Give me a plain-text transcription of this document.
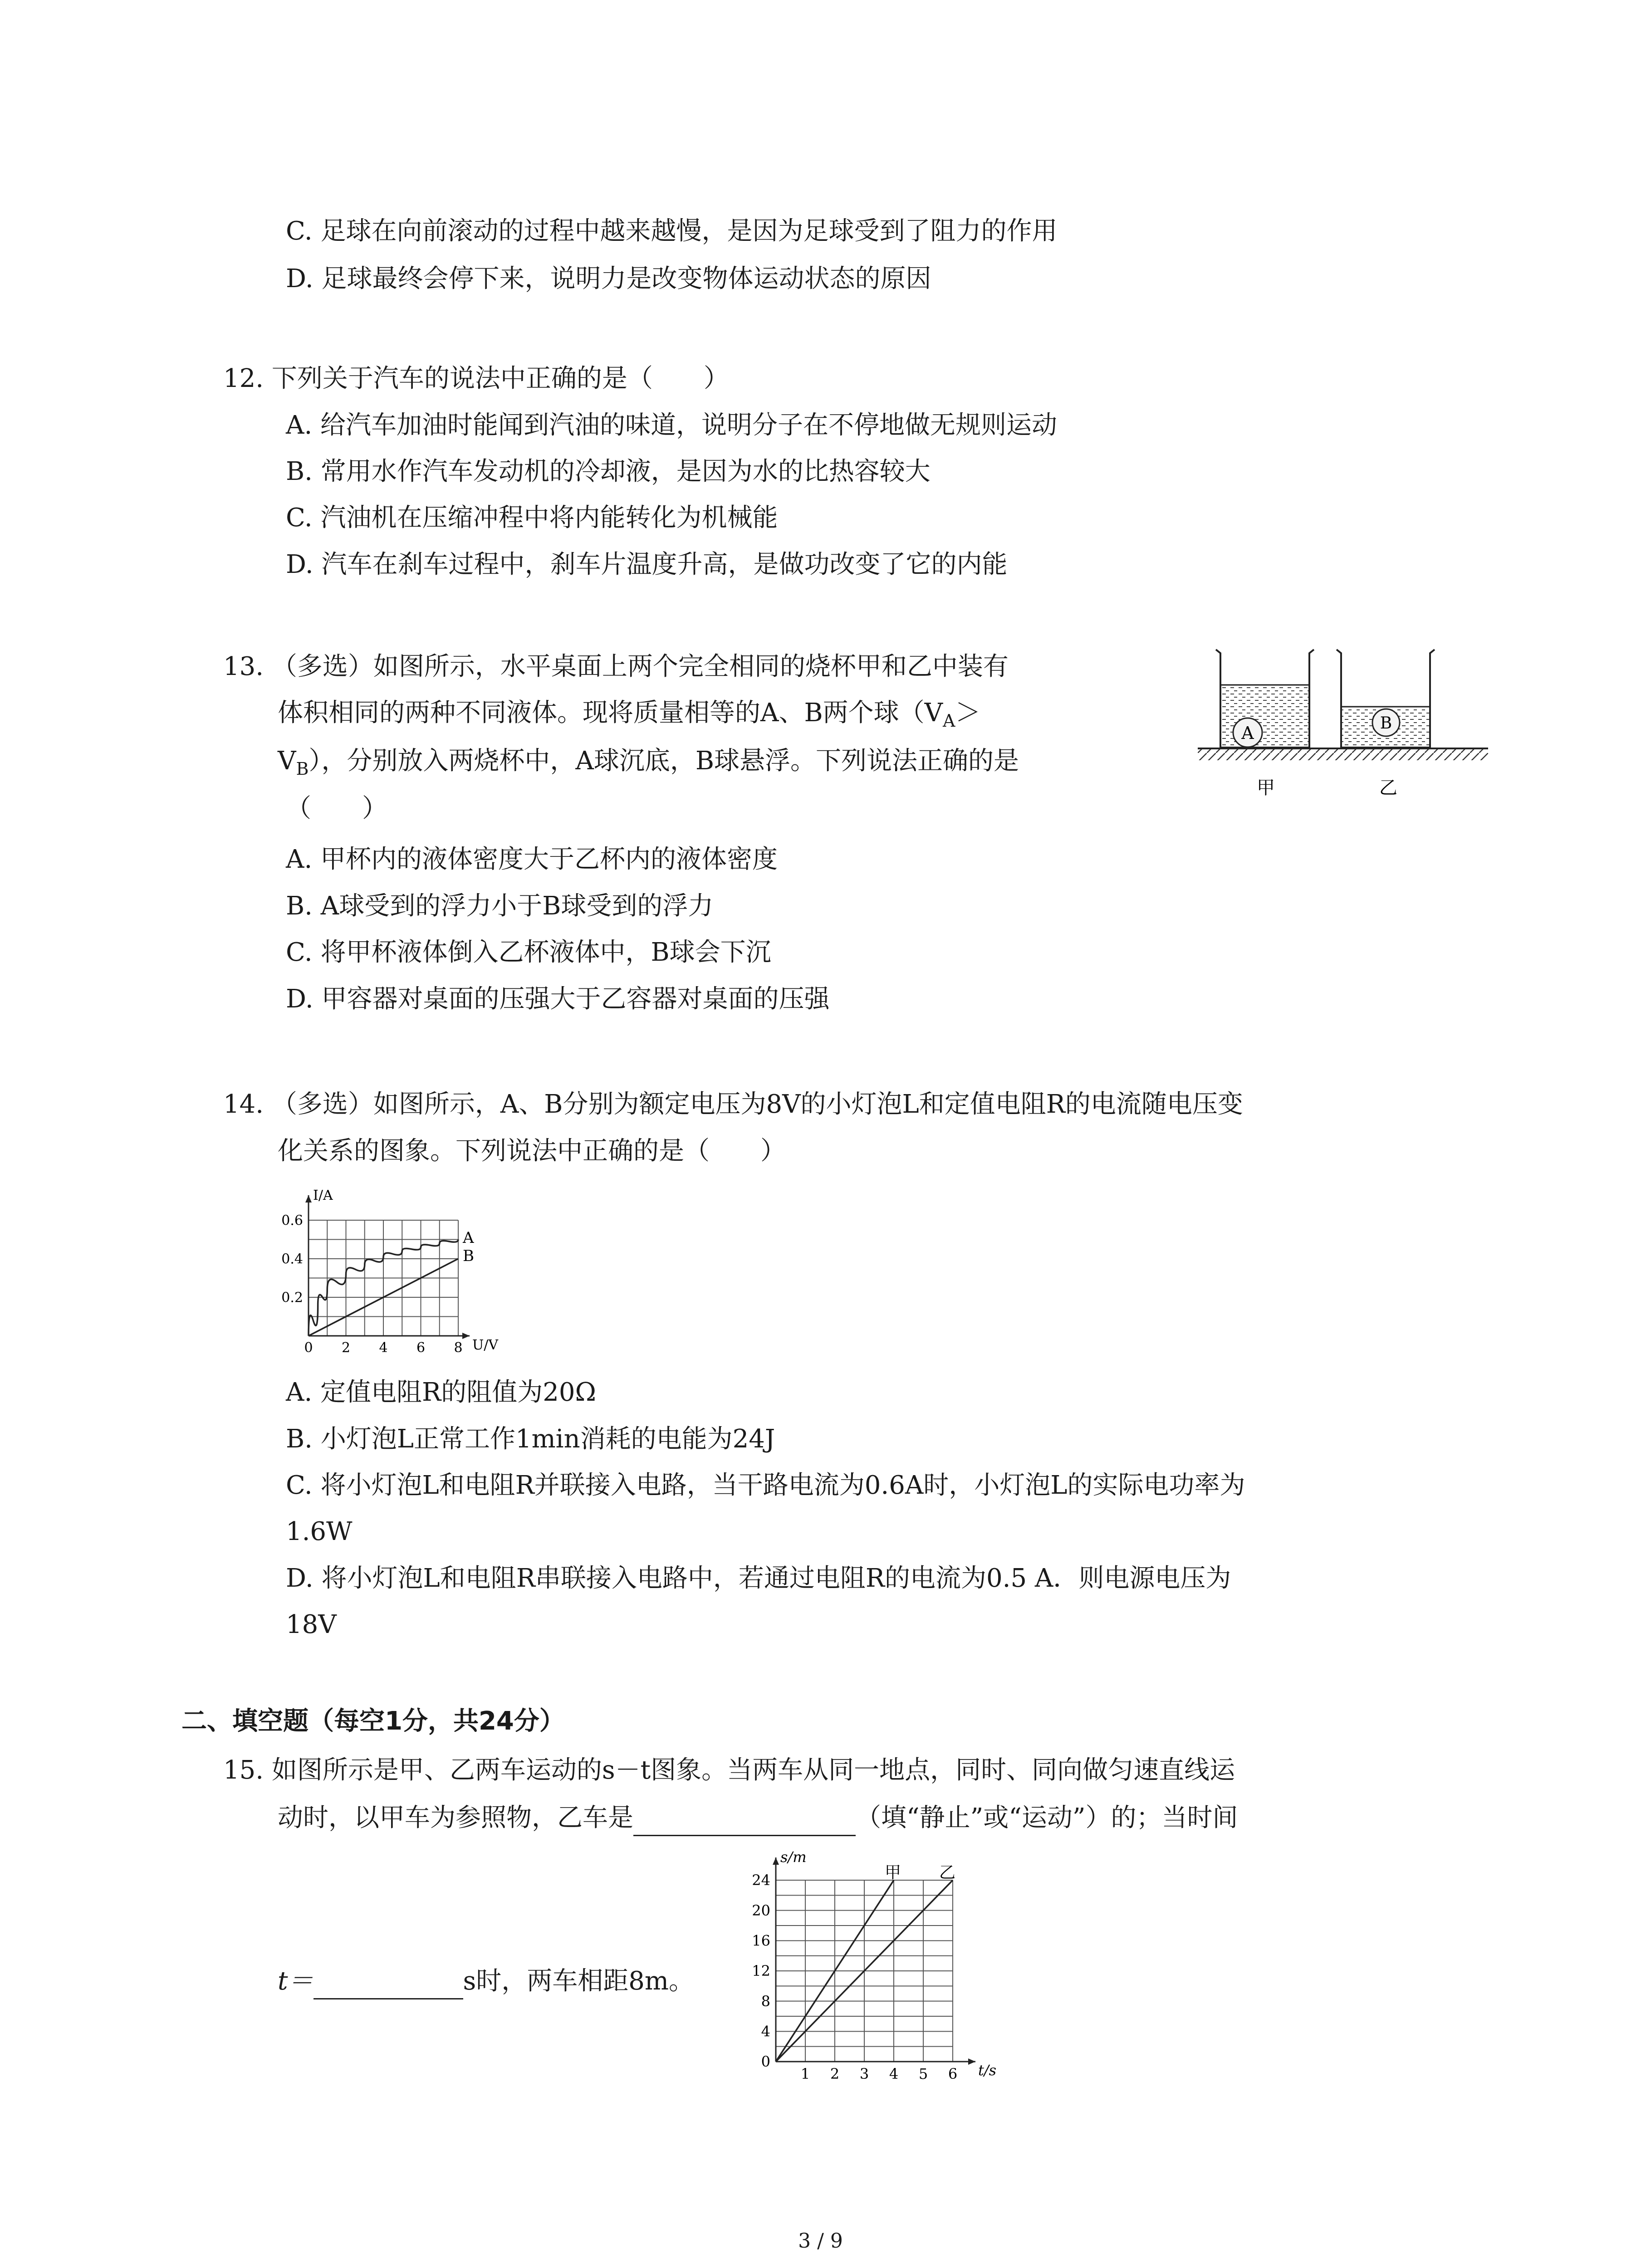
C. 足球在向前滚动的过程中越来越慢，是因为足球受到了阻力的作用
D. 足球最终会停下来，说明力是改变物体运动状态的原因
12. 下列关于汽车的说法中正确的是（　　）
A. 给汽车加油时能闻到汽油的味道，说明分子在不停地做无规则运动
B. 常用水作汽车发动机的冷却液，是因为水的比热容较大
C. 汽油机在压缩冲程中将内能转化为机械能
D. 汽车在刹车过程中，刹车片温度升高，是做功改变了它的内能
13. （多选）如图所示，水平桌面上两个完全相同的烧杯甲和乙中装有
体积相同的两种不同液体。现将质量相等的A、B两个球（$V_A>$
$V_B$），分别放入两烧杯中，A球沉底，B球悬浮。下列说法正确的是
（　　）
A. 甲杯内的液体密度大于乙杯内的液体密度
B. A球受到的浮力小于B球受到的浮力
C. 将甲杯液体倒入乙杯液体中，B球会下沉
D. 甲容器对桌面的压强大于乙容器对桌面的压强
A	B
甲	乙
14. （多选）如图所示，A、B分别为额定电压为8V的小灯泡L和定值电阻R的电流随电压变
化关系的图象。下列说法中正确的是（　　）
U/V
I/A
0 2 4 6 8
0.2
0.4
0.6
A
B
A. 定值电阻R的阻值为20Ω
B. 小灯泡L正常工作1min消耗的电能为24J
C. 将小灯泡L和电阻R并联接入电路，当干路电流为0.6A时，小灯泡L的实际电功率为
1.6W
D. 将小灯泡L和电阻R串联接入电路中，若通过电阻R的电流为0.5 A．则电源电压为
18V
二、填空题（每空1分，共24分）
15. 如图所示是甲、乙两车运动的s－t图象。当两车从同一地点，同时、同向做匀速直线运
动时，以甲车为参照物，乙车是	（填“静止”或“运动”）的；当时间
t＝	s时，两车相距8m。
t/s
s/m
1 2 3 4 5 6
0
4
8
12
16
20
24	甲 乙
3 / 9
